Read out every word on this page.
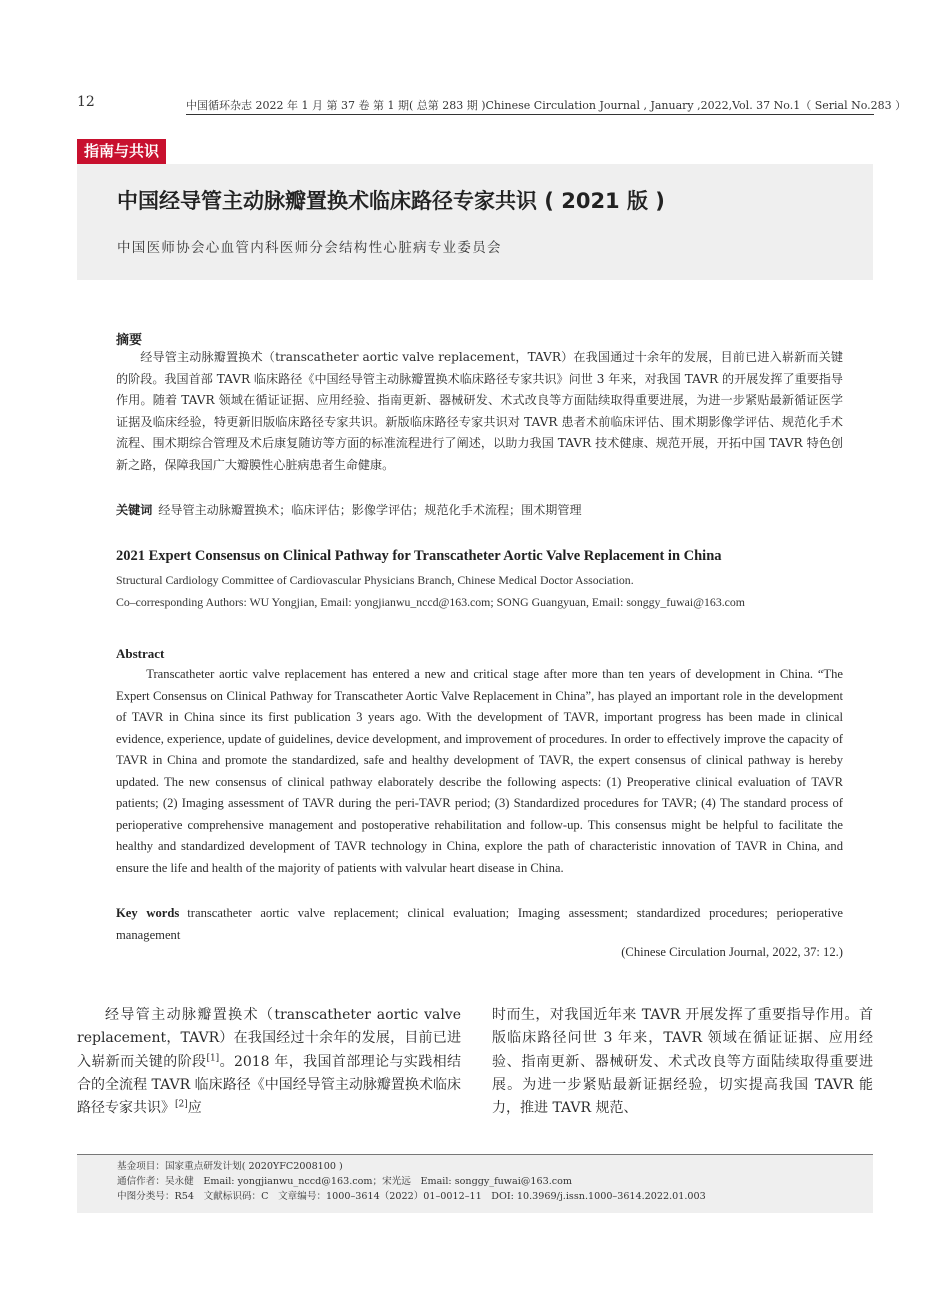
12	中国循环杂志 2022 年 1 月 第 37 卷 第 1 期( 总第 283 期 )Chinese Circulation Journal , January ,2022,Vol. 37 No.1（ Serial No.283 ）
指南与共识
中国经导管主动脉瓣置换术临床路径专家共识 ( 2021 版 )
中国医师协会心血管内科医师分会结构性心脏病专业委员会
摘要
经导管主动脉瓣置换术（transcatheter aortic valve replacement，TAVR）在我国通过十余年的发展，目前已进入崭新而关键的阶段。我国首部 TAVR 临床路径《中国经导管主动脉瓣置换术临床路径专家共识》问世 3 年来，对我国 TAVR 的开展发挥了重要指导作用。随着 TAVR 领域在循证证据、应用经验、指南更新、器械研发、术式改良等方面陆续取得重要进展，为进一步紧贴最新循证医学证据及临床经验，特更新旧版临床路径专家共识。新版临床路径专家共识对 TAVR 患者术前临床评估、围术期影像学评估、规范化手术流程、围术期综合管理及术后康复随访等方面的标准流程进行了阐述，以助力我国 TAVR 技术健康、规范开展，开拓中国 TAVR 特色创新之路，保障我国广大瓣膜性心脏病患者生命健康。
关键词 经导管主动脉瓣置换术；临床评估；影像学评估；规范化手术流程；围术期管理
2021 Expert Consensus on Clinical Pathway for Transcatheter Aortic Valve Replacement in China
Structural Cardiology Committee of Cardiovascular Physicians Branch, Chinese Medical Doctor Association.
Co–corresponding Authors: WU Yongjian, Email: yongjianwu_nccd@163.com; SONG Guangyuan, Email: songgy_fuwai@163.com
Abstract
Transcatheter aortic valve replacement has entered a new and critical stage after more than ten years of development in China. “The Expert Consensus on Clinical Pathway for Transcatheter Aortic Valve Replacement in China”, has played an important role in the development of TAVR in China since its first publication 3 years ago. With the development of TAVR, important progress has been made in clinical evidence, experience, update of guidelines, device development, and improvement of procedures. In order to effectively improve the capacity of TAVR in China and promote the standardized, safe and healthy development of TAVR, the expert consensus of clinical pathway is hereby updated. The new consensus of clinical pathway elaborately describe the following aspects: (1) Preoperative clinical evaluation of TAVR patients; (2) Imaging assessment of TAVR during the peri-TAVR period; (3) Standardized procedures for TAVR; (4) The standard process of perioperative comprehensive management and postoperative rehabilitation and follow-up. This consensus might be helpful to facilitate the healthy and standardized development of TAVR technology in China, explore the path of characteristic innovation of TAVR in China, and ensure the life and health of the majority of patients with valvular heart disease in China.
Key words transcatheter aortic valve replacement; clinical evaluation; Imaging assessment; standardized procedures; perioperative management
(Chinese Circulation Journal, 2022, 37: 12.)
经导管主动脉瓣置换术（transcatheter aortic valve replacement，TAVR）在我国经过十余年的发展，目前已进入崭新而关键的阶段[1]。2018 年，我国首部理论与实践相结合的全流程 TAVR 临床路径《中国经导管主动脉瓣置换术临床路径专家共识》[2]应
时而生，对我国近年来 TAVR 开展发挥了重要指导作用。首版临床路径问世 3 年来，TAVR 领域在循证证据、应用经验、指南更新、器械研发、术式改良等方面陆续取得重要进展。为进一步紧贴最新证据经验，切实提高我国 TAVR 能力，推进 TAVR 规范、
基金项目：国家重点研发计划( 2020YFC2008100 )
通信作者：吴永健　Email: yongjianwu_nccd@163.com；宋光远　Email: songgy_fuwai@163.com
中图分类号：R54　文献标识码：C　文章编号：1000–3614（2022）01–0012–11　DOI: 10.3969/j.issn.1000–3614.2022.01.003
